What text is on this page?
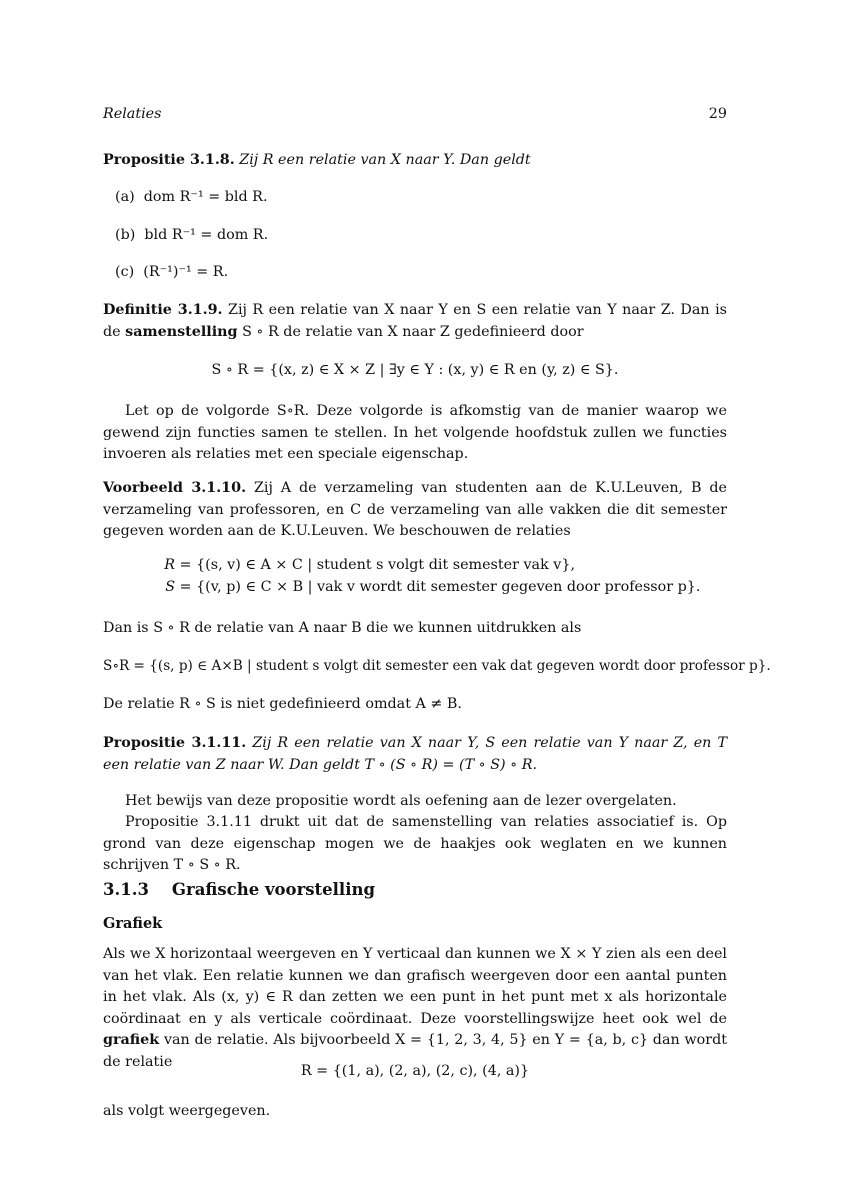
Relaties	29

Propositie 3.1.8. Zij R een relatie van X naar Y. Dan geldt

(a) dom R⁻¹ = bld R.
(b) bld R⁻¹ = dom R.
(c) (R⁻¹)⁻¹ = R.

Definitie 3.1.9. Zij R een relatie van X naar Y en S een relatie van Y naar Z. Dan is de samenstelling S ∘ R de relatie van X naar Z gedefinieerd door

S ∘ R = {(x, z) ∈ X × Z | ∃y ∈ Y : (x, y) ∈ R en (y, z) ∈ S}.

Let op de volgorde S∘R. Deze volgorde is afkomstig van de manier waarop we gewend zijn functies samen te stellen. In het volgende hoofdstuk zullen we functies invoeren als relaties met een speciale eigenschap.

Voorbeeld 3.1.10. Zij A de verzameling van studenten aan de K.U.Leuven, B de verzameling van professoren, en C de verzameling van alle vakken die dit semester gegeven worden aan de K.U.Leuven. We beschouwen de relaties

R = {(s, v) ∈ A × C | student s volgt dit semester vak v},
S = {(v, p) ∈ C × B | vak v wordt dit semester gegeven door professor p}.

Dan is S ∘ R de relatie van A naar B die we kunnen uitdrukken als

S∘R = {(s, p) ∈ A×B | student s volgt dit semester een vak dat gegeven wordt door professor p}.

De relatie R ∘ S is niet gedefinieerd omdat A ≠ B.

Propositie 3.1.11. Zij R een relatie van X naar Y, S een relatie van Y naar Z, en T een relatie van Z naar W. Dan geldt T ∘ (S ∘ R) = (T ∘ S) ∘ R.

Het bewijs van deze propositie wordt als oefening aan de lezer overgelaten.

Propositie 3.1.11 drukt uit dat de samenstelling van relaties associatief is. Op grond van deze eigenschap mogen we de haakjes ook weglaten en we kunnen schrijven T ∘ S ∘ R.

3.1.3 Grafische voorstelling
Grafiek

Als we X horizontaal weergeven en Y verticaal dan kunnen we X × Y zien als een deel van het vlak. Een relatie kunnen we dan grafisch weergeven door een aantal punten in het vlak. Als (x, y) ∈ R dan zetten we een punt in het punt met x als horizontale coördinaat en y als verticale coördinaat. Deze voorstellingswijze heet ook wel de grafiek van de relatie. Als bijvoorbeeld X = {1, 2, 3, 4, 5} en Y = {a, b, c} dan wordt de relatie

R = {(1, a), (2, a), (2, c), (4, a)}

als volgt weergegeven.
